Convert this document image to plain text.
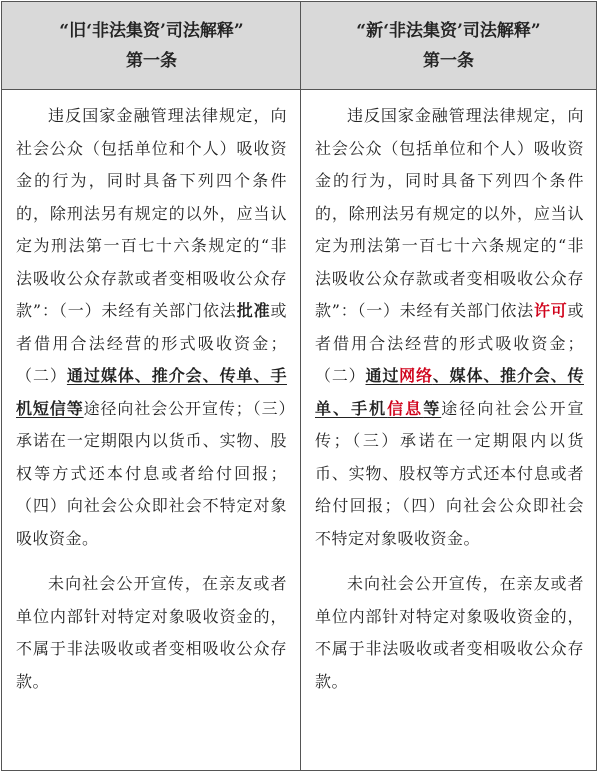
“旧‘非法集资’司法解释”
第一条
“新‘非法集资’司法解释”
第一条

违反国家金融管理法律规定，向社会公众（包括单位和个人）吸收资金的行为，同时具备下列四个条件的，除刑法另有规定的以外，应当认定为刑法第一百七十六条规定的“非法吸收公众存款或者变相吸收公众存款”：（一）未经有关部门依法批准或者借用合法经营的形式吸收资金；（二）通过媒体、推介会、传单、手机短信等途径向社会公开宣传；（三）承诺在一定期限内以货币、实物、股权等方式还本付息或者给付回报；（四）向社会公众即社会不特定对象吸收资金。

未向社会公开宣传，在亲友或者单位内部针对特定对象吸收资金的，不属于非法吸收或者变相吸收公众存款。

违反国家金融管理法律规定，向社会公众（包括单位和个人）吸收资金的行为，同时具备下列四个条件的，除刑法另有规定的以外，应当认定为刑法第一百七十六条规定的“非法吸收公众存款或者变相吸收公众存款”：（一）未经有关部门依法许可或者借用合法经营的形式吸收资金；（二）通过网络、媒体、推介会、传单、手机信息等途径向社会公开宣传；（三）承诺在一定期限内以货币、实物、股权等方式还本付息或者给付回报；（四）向社会公众即社会不特定对象吸收资金。

未向社会公开宣传，在亲友或者单位内部针对特定对象吸收资金的，不属于非法吸收或者变相吸收公众存款。
